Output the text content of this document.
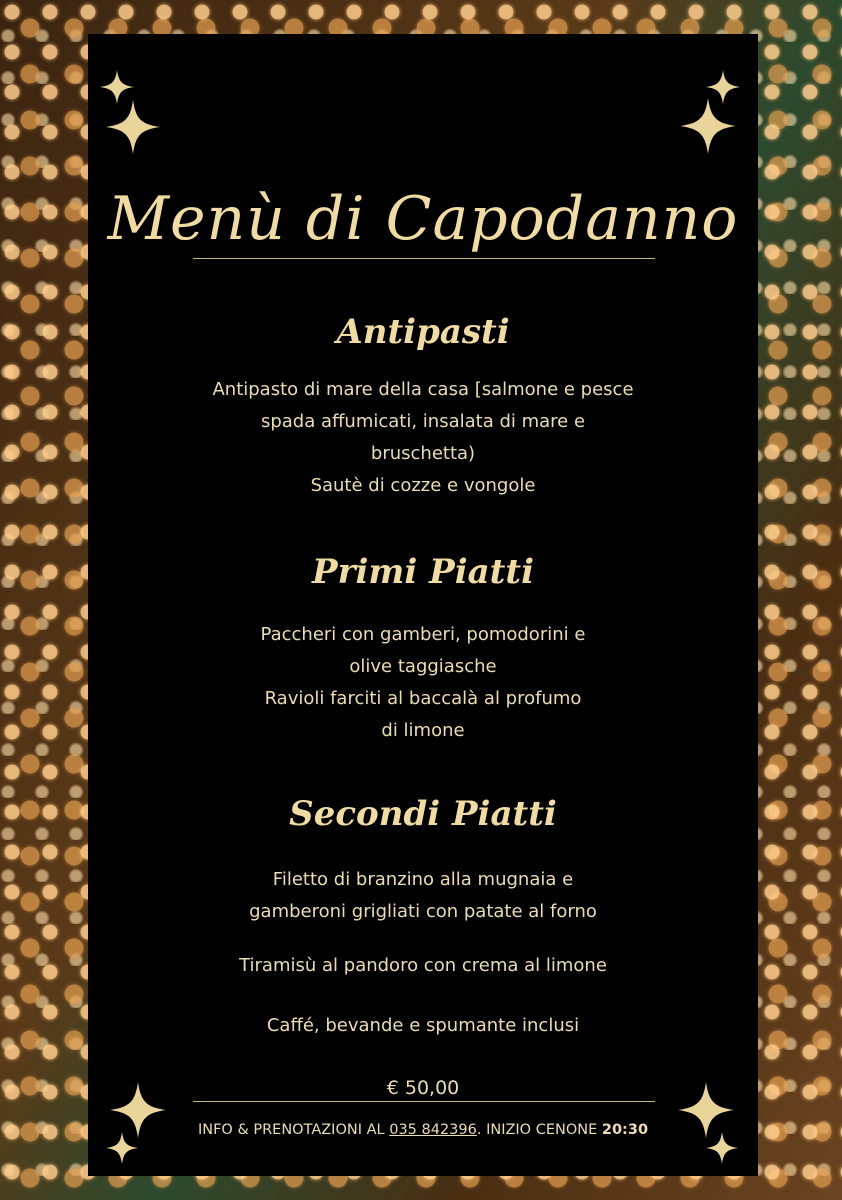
Menù di Capodanno
Antipasti
Antipasto di mare della casa [salmone e pesce
spada affumicati, insalata di mare e
bruschetta)
Sautè di cozze e vongole
Primi Piatti
Paccheri con gamberi, pomodorini e
olive taggiasche
Ravioli farciti al baccalà al profumo
di limone
Secondi Piatti
Filetto di branzino alla mugnaia e
gamberoni grigliati con patate al forno
Tiramisù al pandoro con crema al limone
Caffé, bevande e spumante inclusi
€ 50,00
INFO & PRENOTAZIONI AL 035 842396. INIZIO CENONE 20:30
